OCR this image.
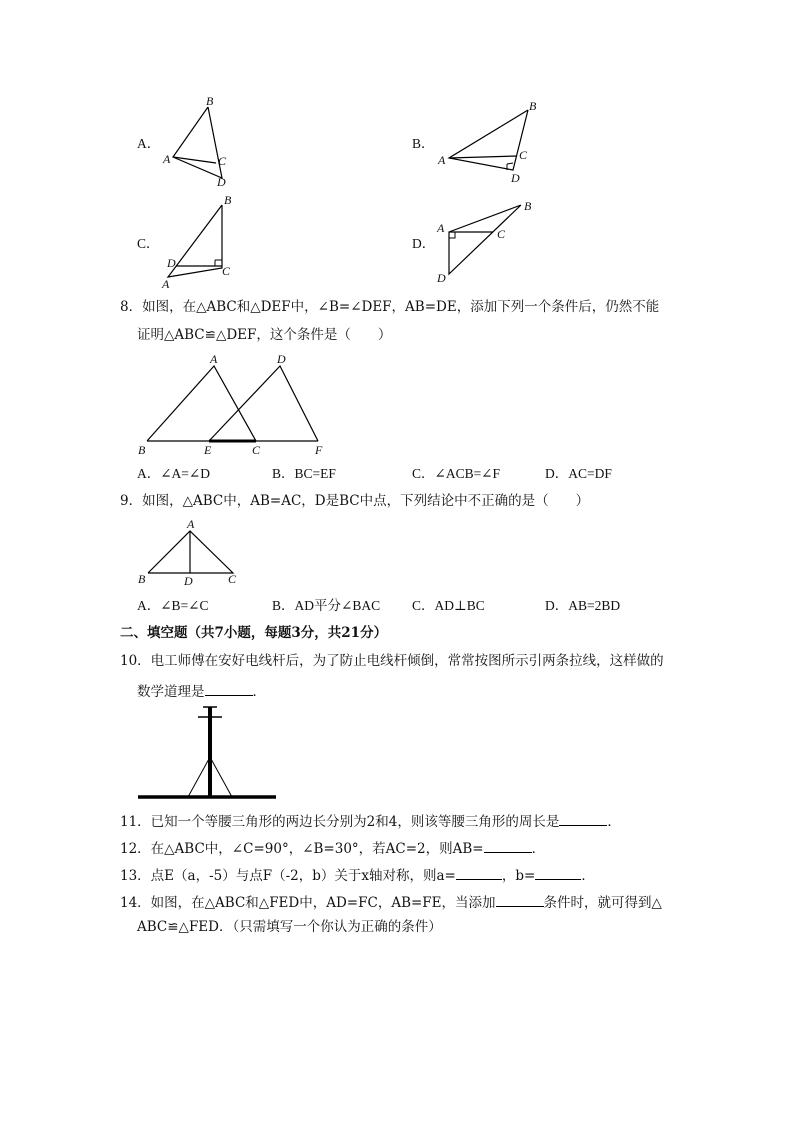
A．
B
A	C
D
B．
B
A	C
D
C．
B
D
C
A
D．
B
A	C
D
8．如图，在△ABC和△DEF中，∠B=∠DEF，AB=DE，添加下列一个条件后，仍然不能
证明△ABC≌△DEF，这个条件是（　　）
A	D
B	E	C	F
A．∠A=∠D	B．BC=EF	C．∠ACB=∠F	D．AC=DF
9．如图，△ABC中，AB=AC，D是BC中点，下列结论中不正确的是（　　）
A
B	D	C
A．∠B=∠C	B．AD平分∠BAC C．AD⊥BC	D．AB=2BD
二、填空题（共7小题，每题3分，共21分）
10．电工师傅在安好电线杆后，为了防止电线杆倾倒，常常按图所示引两条拉线，这样做的
数学道理是	．
11．已知一个等腰三角形的两边长分别为2和4，则该等腰三角形的周长是	．
12．在△ABC中，∠C=90°，∠B=30°，若AC=2，则AB=	．
13．点E（a，-5）与点F（-2，b）关于x轴对称，则a=	，b=	．
14．如图，在△ABC和△FED中，AD=FC，AB=FE，当添加	条件时，就可得到△
ABC≌△FED．（只需填写一个你认为正确的条件）
